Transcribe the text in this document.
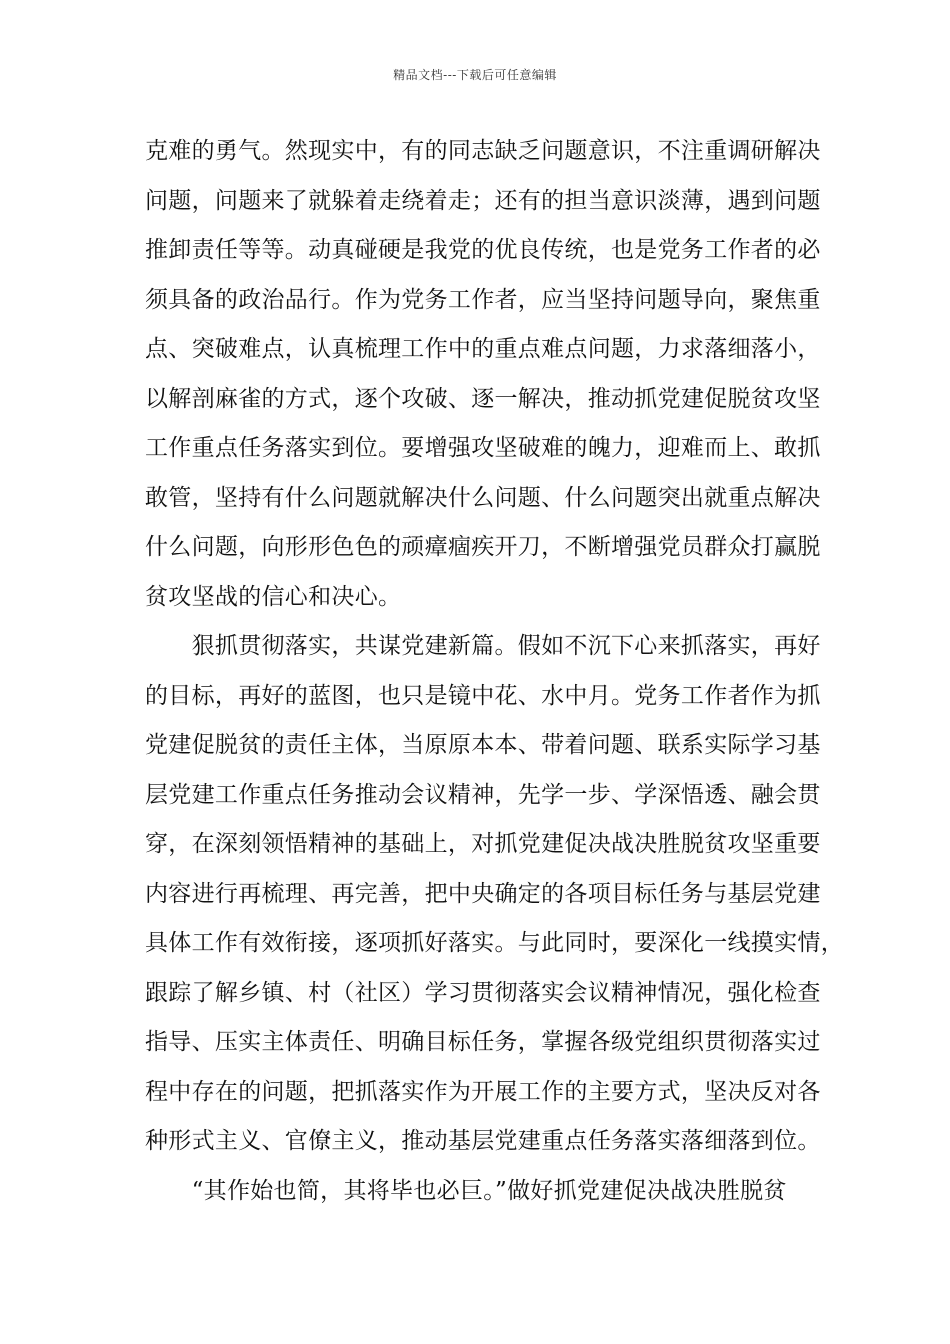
精品文档---下载后可任意编辑
克难的勇气。然现实中，有的同志缺乏问题意识，不注重调研解决
问题，问题来了就躲着走绕着走；还有的担当意识淡薄，遇到问题
推卸责任等等。动真碰硬是我党的优良传统，也是党务工作者的必
须具备的政治品行。作为党务工作者，应当坚持问题导向，聚焦重
点、突破难点，认真梳理工作中的重点难点问题，力求落细落小，
以解剖麻雀的方式，逐个攻破、逐一解决，推动抓党建促脱贫攻坚
工作重点任务落实到位。要增强攻坚破难的魄力，迎难而上、敢抓
敢管，坚持有什么问题就解决什么问题、什么问题突出就重点解决
什么问题，向形形色色的顽瘴痼疾开刀，不断增强党员群众打赢脱
贫攻坚战的信心和决心。
　　狠抓贯彻落实，共谋党建新篇。假如不沉下心来抓落实，再好
的目标，再好的蓝图，也只是镜中花、水中月。党务工作者作为抓
党建促脱贫的责任主体，当原原本本、带着问题、联系实际学习基
层党建工作重点任务推动会议精神，先学一步、学深悟透、融会贯
穿，在深刻领悟精神的基础上，对抓党建促决战决胜脱贫攻坚重要
内容进行再梳理、再完善，把中央确定的各项目标任务与基层党建
具体工作有效衔接，逐项抓好落实。与此同时，要深化一线摸实情，
跟踪了解乡镇、村（社区）学习贯彻落实会议精神情况，强化检查
指导、压实主体责任、明确目标任务，掌握各级党组织贯彻落实过
程中存在的问题，把抓落实作为开展工作的主要方式，坚决反对各
种形式主义、官僚主义，推动基层党建重点任务落实落细落到位。
　　“其作始也简，其将毕也必巨。”做好抓党建促决战决胜脱贫
